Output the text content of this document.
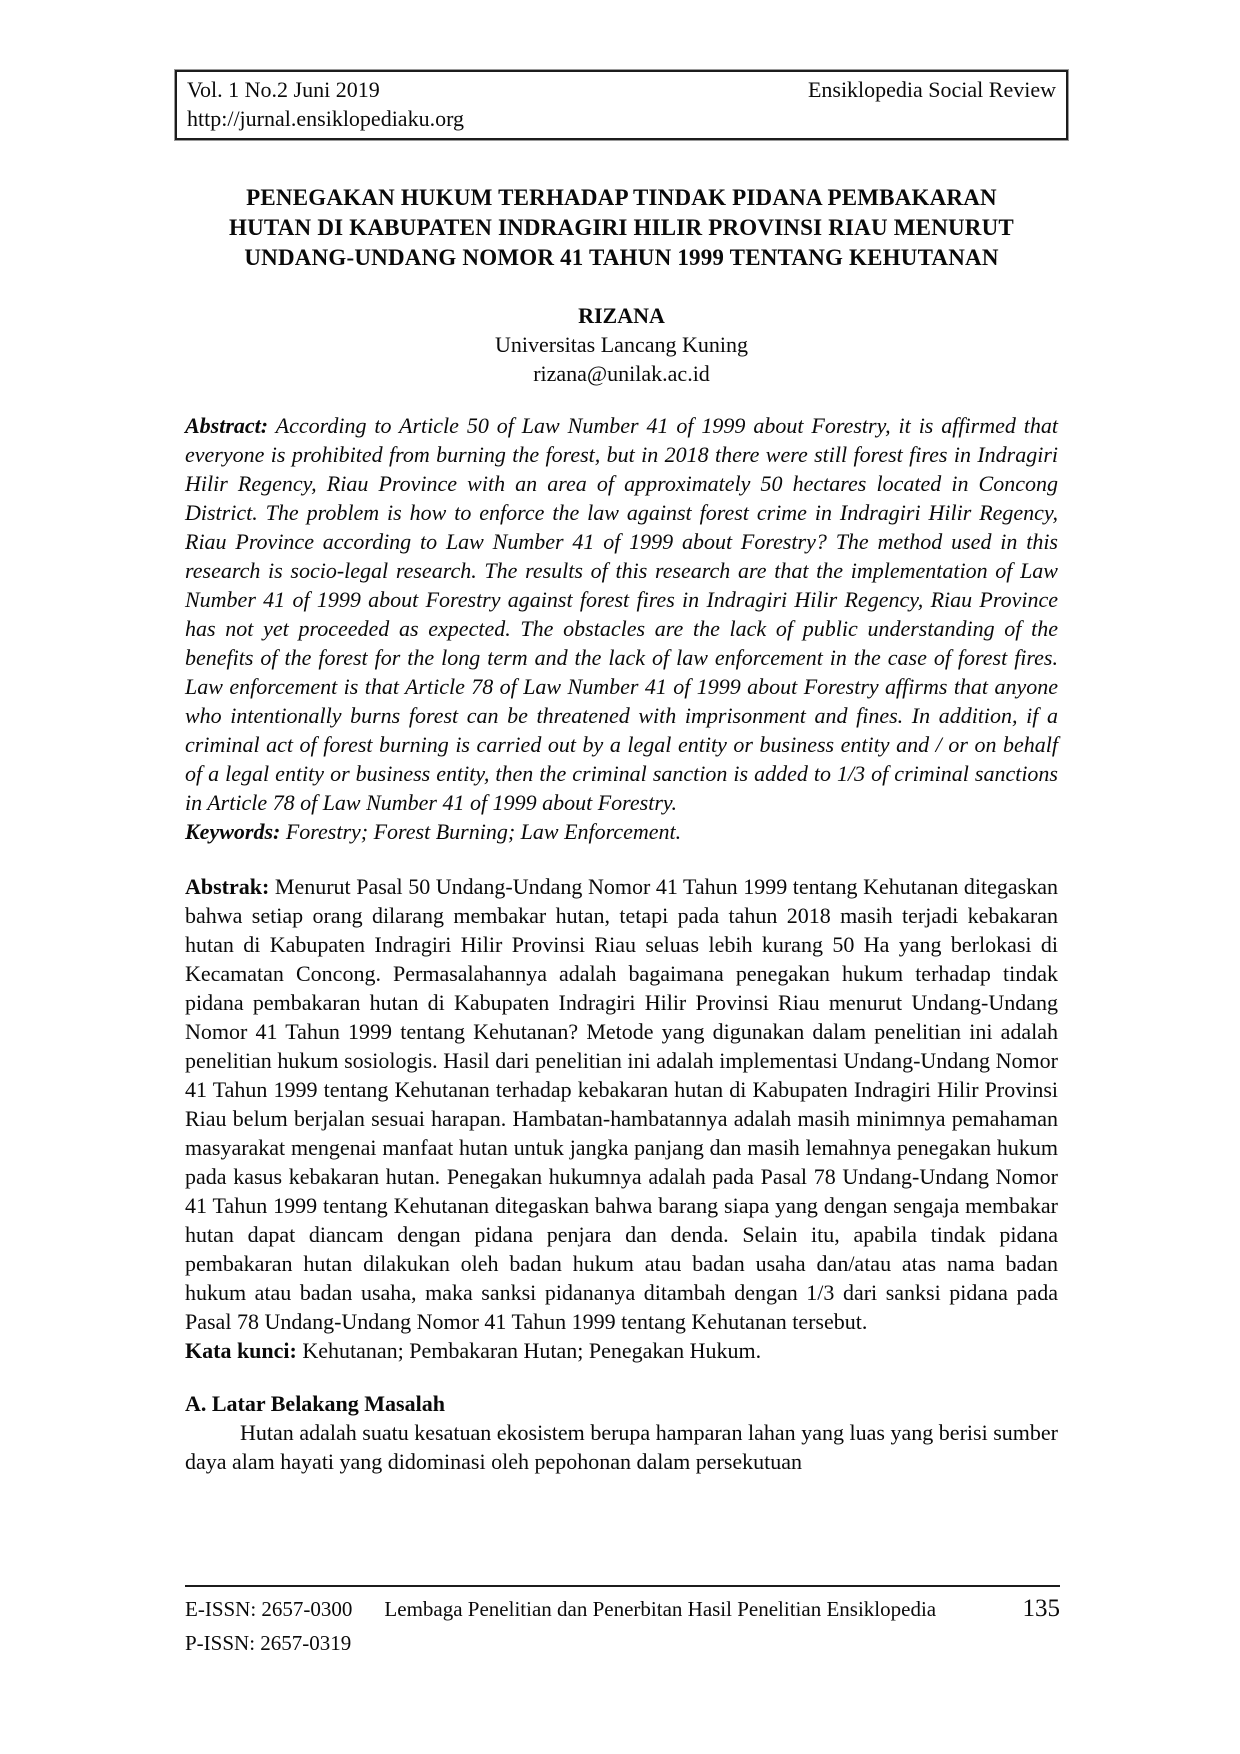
Vol. 1 No.2 Juni 2019	Ensiklopedia Social Review
http://jurnal.ensiklopediaku.org
PENEGAKAN HUKUM TERHADAP TINDAK PIDANA PEMBAKARAN
HUTAN DI KABUPATEN INDRAGIRI HILIR PROVINSI RIAU MENURUT
UNDANG-UNDANG NOMOR 41 TAHUN 1999 TENTANG KEHUTANAN
RIZANA
Universitas Lancang Kuning
rizana@unilak.ac.id
Abstract: According to Article 50 of Law Number 41 of 1999 about Forestry, it is affirmed that everyone is prohibited from burning the forest, but in 2018 there were still forest fires in Indragiri Hilir Regency, Riau Province with an area of approximately 50 hectares located in Concong District. The problem is how to enforce the law against forest crime in Indragiri Hilir Regency, Riau Province according to Law Number 41 of 1999 about Forestry? The method used in this research is socio-legal research. The results of this research are that the implementation of Law Number 41 of 1999 about Forestry against forest fires in Indragiri Hilir Regency, Riau Province has not yet proceeded as expected. The obstacles are the lack of public understanding of the benefits of the forest for the long term and the lack of law enforcement in the case of forest fires. Law enforcement is that Article 78 of Law Number 41 of 1999 about Forestry affirms that anyone who intentionally burns forest can be threatened with imprisonment and fines. In addition, if a criminal act of forest burning is carried out by a legal entity or business entity and / or on behalf of a legal entity or business entity, then the criminal sanction is added to 1/3 of criminal sanctions in Article 78 of Law Number 41 of 1999 about Forestry.
Keywords: Forestry; Forest Burning; Law Enforcement.
Abstrak: Menurut Pasal 50 Undang-Undang Nomor 41 Tahun 1999 tentang Kehutanan ditegaskan bahwa setiap orang dilarang membakar hutan, tetapi pada tahun 2018 masih terjadi kebakaran hutan di Kabupaten Indragiri Hilir Provinsi Riau seluas lebih kurang 50 Ha yang berlokasi di Kecamatan Concong. Permasalahannya adalah bagaimana penegakan hukum terhadap tindak pidana pembakaran hutan di Kabupaten Indragiri Hilir Provinsi Riau menurut Undang-Undang Nomor 41 Tahun 1999 tentang Kehutanan? Metode yang digunakan dalam penelitian ini adalah penelitian hukum sosiologis. Hasil dari penelitian ini adalah implementasi Undang-Undang Nomor 41 Tahun 1999 tentang Kehutanan terhadap kebakaran hutan di Kabupaten Indragiri Hilir Provinsi Riau belum berjalan sesuai harapan. Hambatan-hambatannya adalah masih minimnya pemahaman masyarakat mengenai manfaat hutan untuk jangka panjang dan masih lemahnya penegakan hukum pada kasus kebakaran hutan. Penegakan hukumnya adalah pada Pasal 78 Undang-Undang Nomor 41 Tahun 1999 tentang Kehutanan ditegaskan bahwa barang siapa yang dengan sengaja membakar hutan dapat diancam dengan pidana penjara dan denda. Selain itu, apabila tindak pidana pembakaran hutan dilakukan oleh badan hukum atau badan usaha dan/atau atas nama badan hukum atau badan usaha, maka sanksi pidananya ditambah dengan 1/3 dari sanksi pidana pada Pasal 78 Undang-Undang Nomor 41 Tahun 1999 tentang Kehutanan tersebut.
Kata kunci: Kehutanan; Pembakaran Hutan; Penegakan Hukum.
A. Latar Belakang Masalah
Hutan adalah suatu kesatuan ekosistem berupa hamparan lahan yang luas yang berisi sumber daya alam hayati yang didominasi oleh pepohonan dalam persekutuan
E-ISSN: 2657-0300 Lembaga Penelitian dan Penerbitan Hasil Penelitian Ensiklopedia	135
P-ISSN: 2657-0319
